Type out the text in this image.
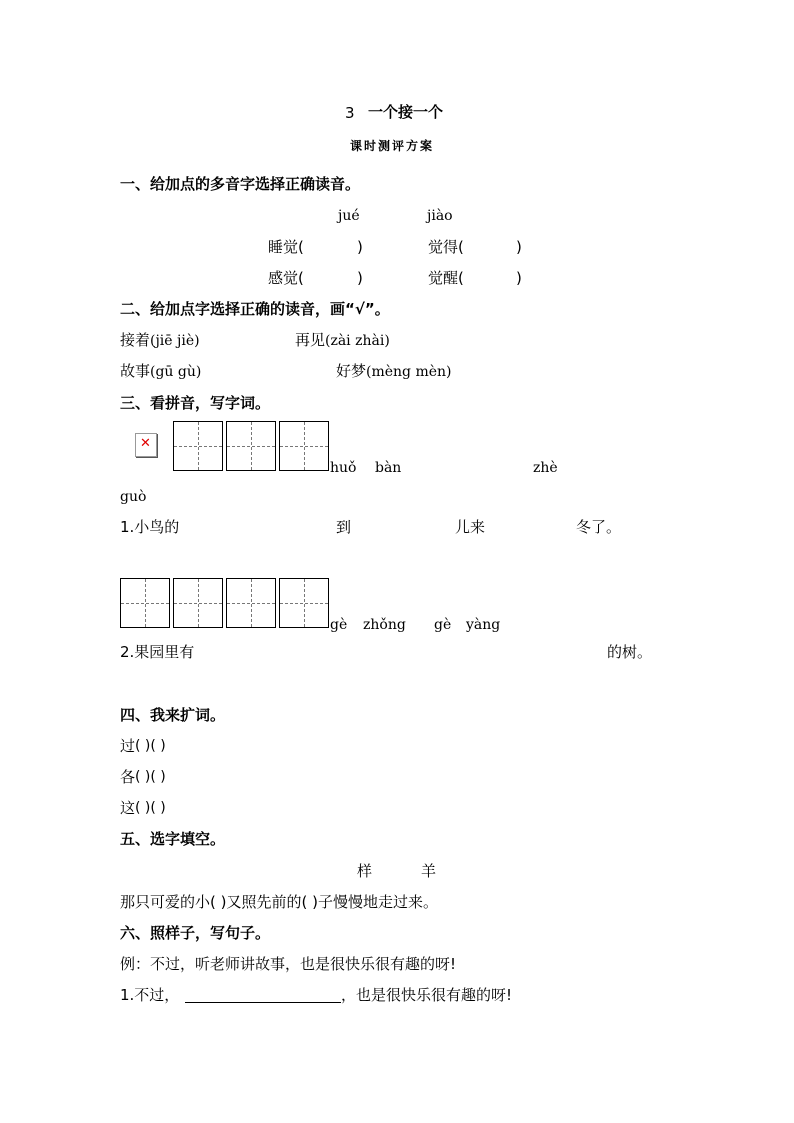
3 一个接一个
课时测评方案
一、给加点的多音字选择正确读音。
jué	jiào
睡觉(	)	觉得(	)
感觉(	)	觉醒(	)
二、给加点字选择正确的读音，画“√”。
接着 (jiē jiè)	再见 (zài zhài)
故事 (gū gù)	好梦 (mèng mèn)
三、看拼音，写字词。
✕
huǒ bàn	zhè
guò
1.小鸟的	到	儿来	冬了。
gè zhǒng gè yàng
2.果园里有	的树。
四、我来扩词。
过 ( )( )
各 ( )( )
这 ( )( )
五、选字填空。
样	羊
那只可爱的小( )又照先前的( )子慢慢地走过来。
六、照样子，写句子。
例：不过，听老师讲故事，也是很快乐很有趣的呀!
1.不过，	，也是很快乐很有趣的呀!
